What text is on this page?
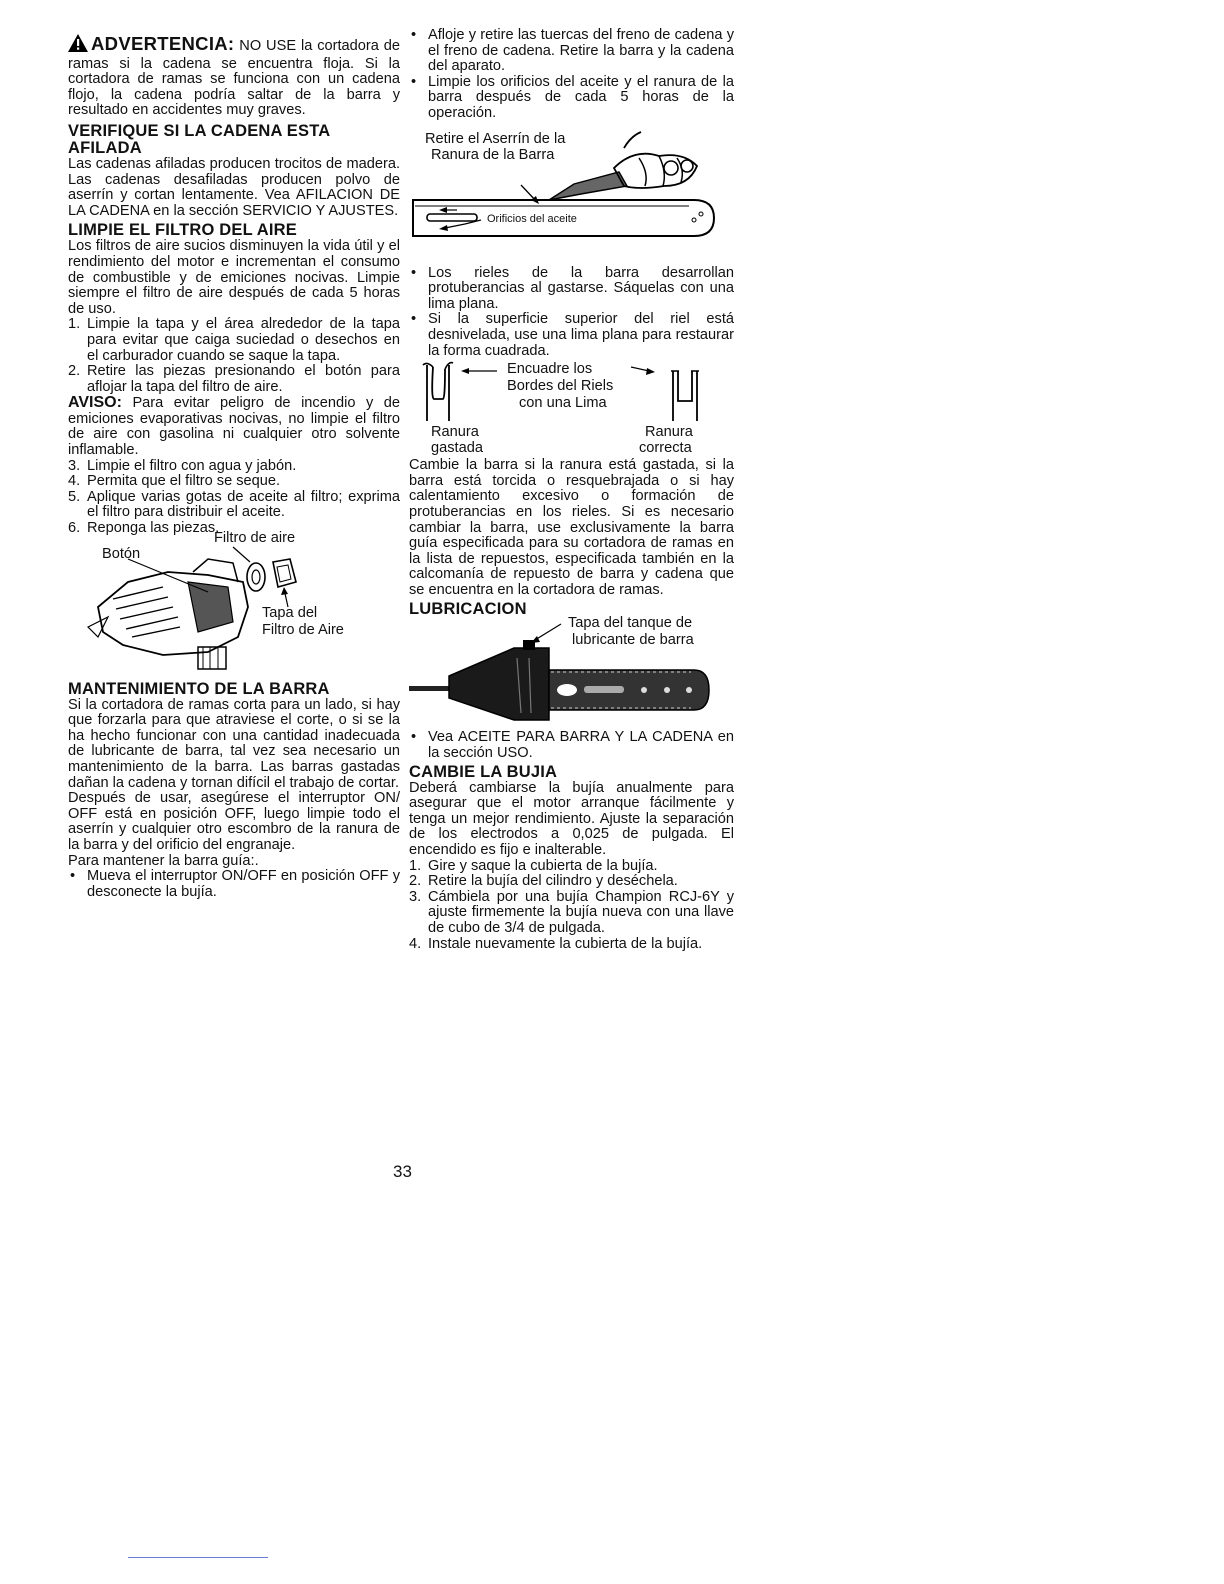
ADVERTENCIA: NO USE la cortadora de ramas si la cadena se encuentra floja. Si la cortadora de ramas se funciona con un cadena flojo, la cadena podría saltar de la barra y resultado en accidentes muy graves.

VERIFIQUE SI LA CADENA ESTA AFILADA

Las cadenas afiladas producen trocitos de madera. Las cadenas desafiladas producen polvo de aserrín y cortan lentamente. Vea AFILACION DE LA CADENA en la sección SERVICIO Y AJUSTES.

LIMPIE EL FILTRO DEL AIRE

Los filtros de aire sucios disminuyen la vida útil y el rendimiento del motor e incrementan el consumo de combustible y de emiciones nocivas. Limpie siempre el filtro de aire después de cada 5 horas de uso.

1. Limpie la tapa y el área alrededor de la tapa para evitar que caiga suciedad o desechos en el carburador cuando se saque la tapa.
2. Retire las piezas presionando el botón para aflojar la tapa del filtro de aire.

AVISO: Para evitar peligro de incendio y de emiciones evaporativas nocivas, no limpie el filtro de aire con gasolina ni cualquier otro solvente inflamable.

3. Limpie el filtro con agua y jabón.
4. Permita que el filtro se seque.
5. Aplique varias gotas de aceite al filtro; exprima el filtro para distribuir el aceite.
6. Reponga las piezas.
Botón
Filtro de aire
Tapa del
Filtro de Aire
MANTENIMIENTO DE LA BARRA

Si la cortadora de ramas corta para un lado, si hay que forzarla para que atraviese el corte, o si se la ha hecho funcionar con una cantidad inadecuada de lubricante de barra, tal vez sea necesario un mantenimiento de la barra. Las barras gastadas dañan la cadena y tornan difícil el trabajo de cortar.

Después de usar, asegúrese el interruptor ON/ OFF está en posición OFF, luego limpie todo el aserrín y cualquier otro escombro de la ranura de la barra y del orificio del engranaje.

Para mantener la barra guía:.

• Mueva el interruptor ON/OFF en posición OFF y desconecte la bujía.
• Afloje y retire las tuercas del freno de cadena y el freno de cadena. Retire la barra y la cadena del aparato.
• Limpie los orificios del aceite y el ranura de la barra después de cada 5 horas de la operación.
Retire el Aserrín de la
Ranura de la Barra
Orificios del aceite
• Los rieles de la barra desarrollan protuberancias al gastarse. Sáquelas con una lima plana.
• Si la superficie superior del riel está desnivelada, use una lima plana para restaurar la forma cuadrada.
Encuadre los
Bordes del Riels
con una Lima
Ranura
gastada
Ranura
correcta

Cambie la barra si la ranura está gastada, si la barra está torcida o resquebrajada o si hay calentamiento excesivo o formación de protuberancias en los rieles. Si es necesario cambiar la barra, use exclusivamente la barra guía especificada para su cortadora de ramas en la lista de repuestos, especificada también en la calcomanía de repuesto de barra y cadena que se encuentra en la cortadora de ramas.

LUBRICACION
Tapa del tanque de
lubricante de barra
• Vea ACEITE PARA BARRA Y LA CADENA en la sección USO.
CAMBIE LA BUJIA

Deberá cambiarse la bujía anualmente para asegurar que el motor arranque fácilmente y tenga un mejor rendimiento. Ajuste la separación de los electrodos a 0,025 de pulgada. El encendido es fijo e inalterable.

1. Gire y saque la cubierta de la bujía.
2. Retire la bujía del cilindro y deséchela.
3. Cámbiela por una bujía Champion RCJ-6Y y ajuste firmemente la bujía nueva con una llave de cubo de 3/4 de pulgada.
4. Instale nuevamente la cubierta de la bujía.
33
